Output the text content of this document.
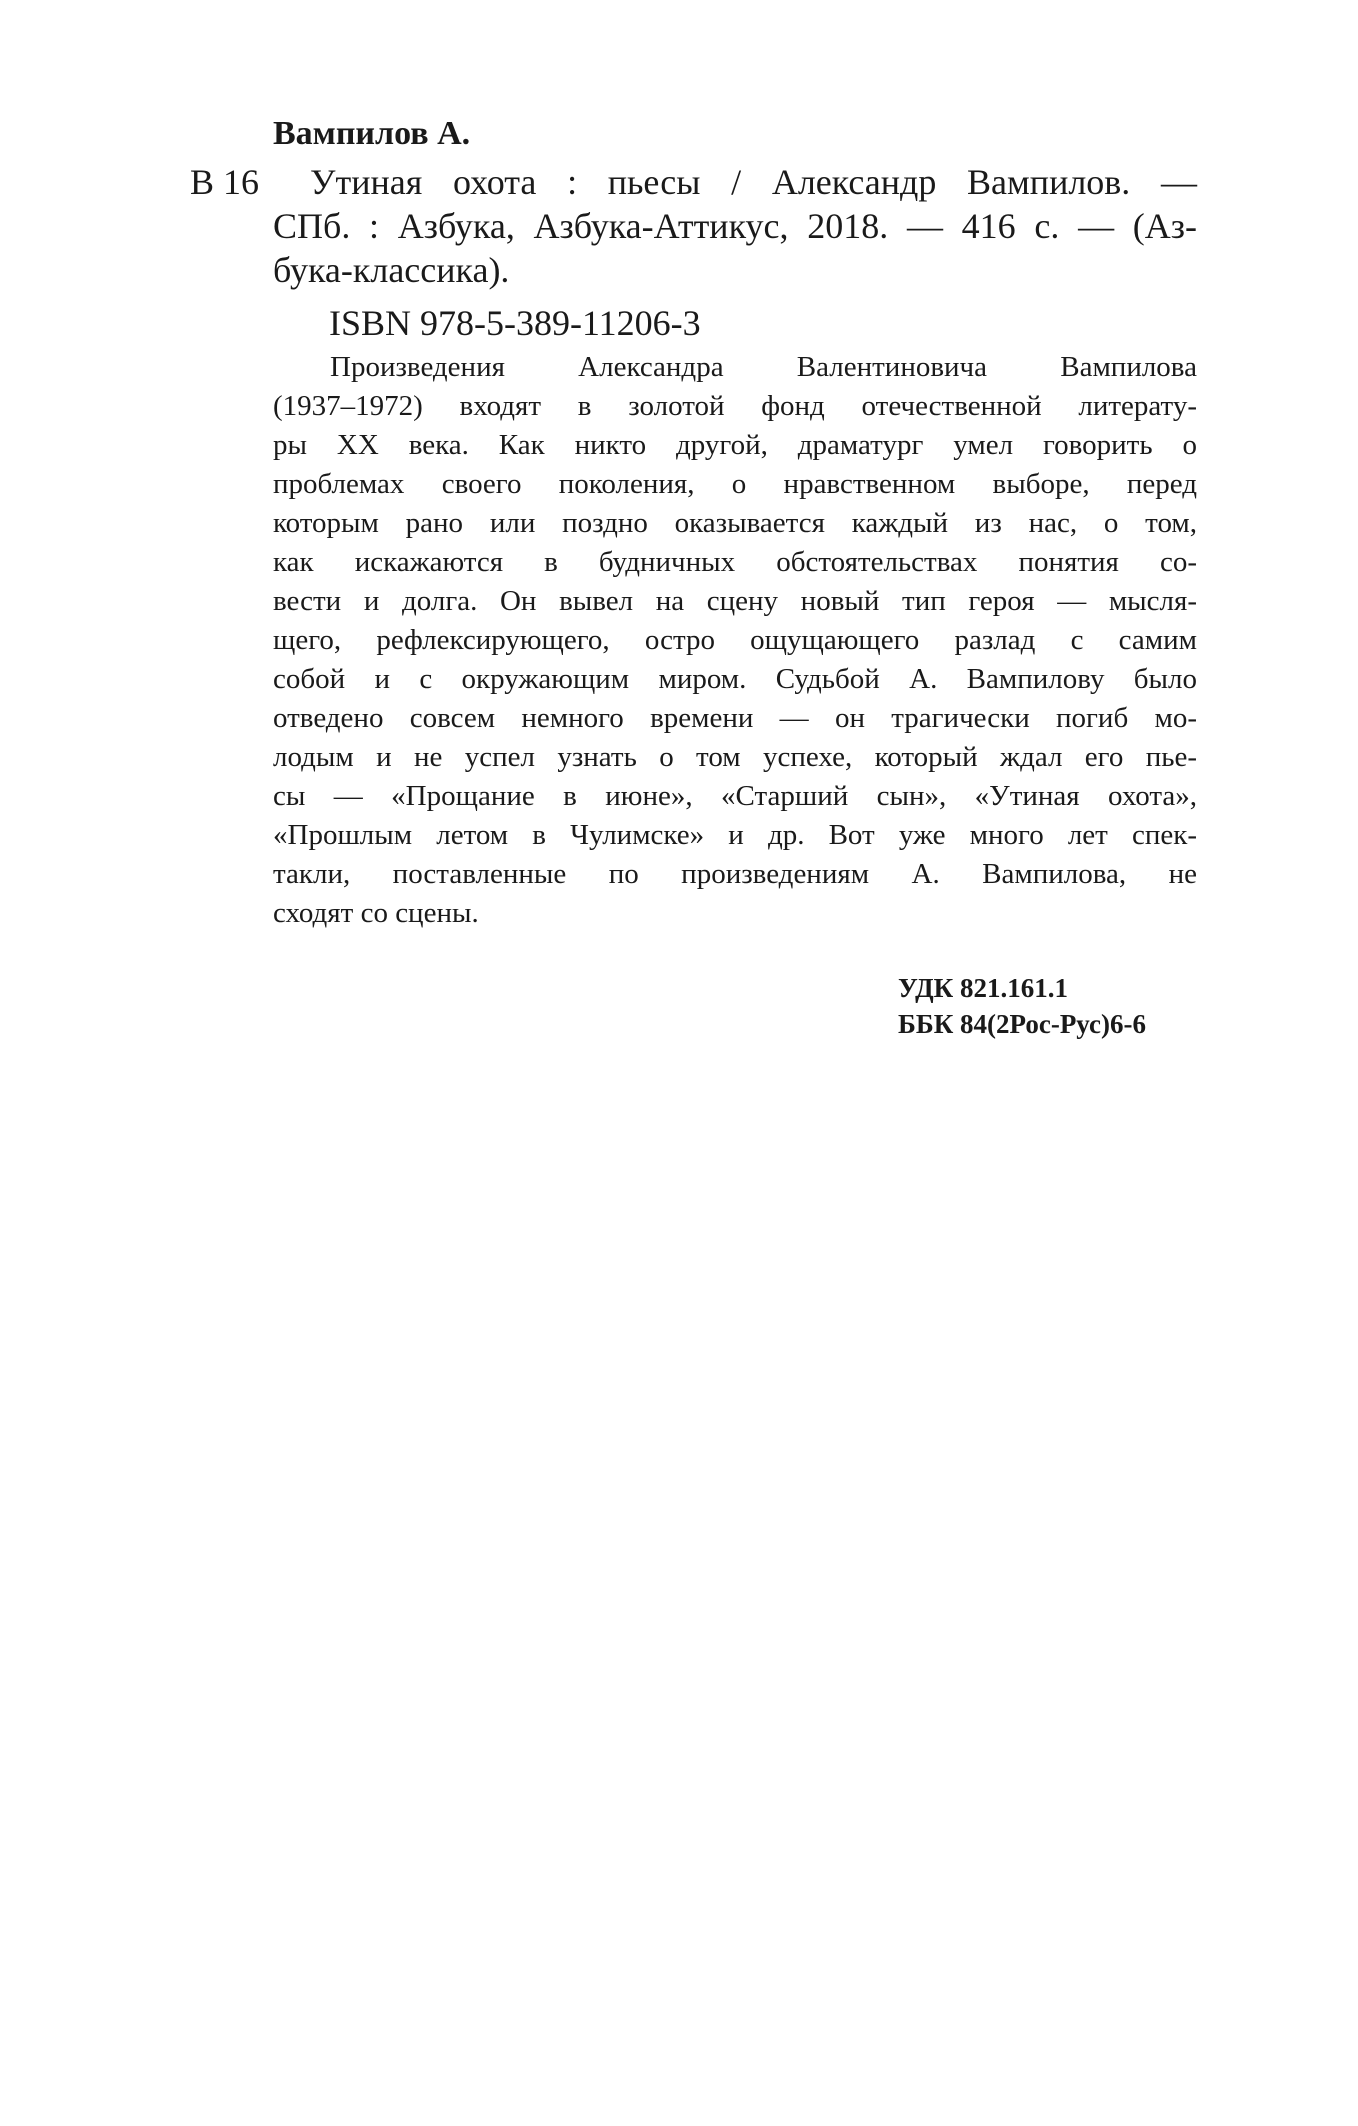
Вампилов А.
В 16	Утиная охота : пьесы / Александр Вампилов. —
СПб. : Азбука, Азбука-Аттикус, 2018. — 416 с. — (Аз-
бука-классика).
ISBN 978-5-389-11206-3
Произведения Александра Валентиновича Вампилова
(1937–1972) входят в золотой фонд отечественной литерату-
ры XX века. Как никто другой, драматург умел говорить о
проблемах своего поколения, о нравственном выборе, перед
которым рано или поздно оказывается каждый из нас, о том,
как искажаются в будничных обстоятельствах понятия со-
вести и долга. Он вывел на сцену новый тип героя — мысля-
щего, рефлексирующего, остро ощущающего разлад с самим
собой и с окружающим миром. Судьбой А. Вампилову было
отведено совсем немного времени — он трагически погиб мо-
лодым и не успел узнать о том успехе, который ждал его пье-
сы — «Прощание в июне», «Старший сын», «Утиная охота»,
«Прошлым летом в Чулимске» и др. Вот уже много лет спек-
такли, поставленные по произведениям А. Вампилова, не
сходят со сцены.
УДК 821.161.1
ББК 84(2Рос-Рус)6-6
